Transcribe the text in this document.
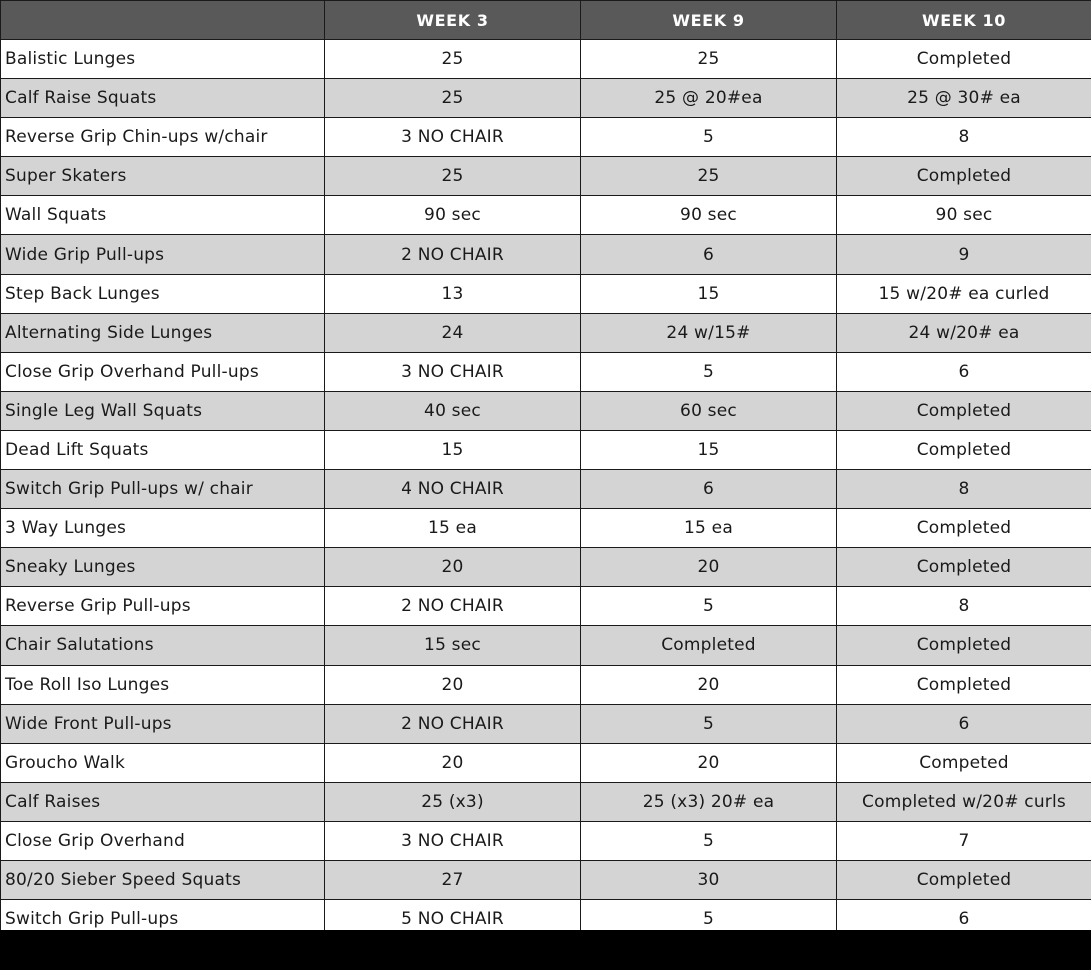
	WEEK 3	WEEK 9	WEEK 10
Balistic Lunges	25	25	Completed
Calf Raise Squats	25	25 @ 20#ea	25 @ 30# ea
Reverse Grip Chin-ups w/chair	3 NO CHAIR	5	8
Super Skaters	25	25	Completed
Wall Squats	90 sec	90 sec	90 sec
Wide Grip Pull-ups	2 NO CHAIR	6	9
Step Back Lunges	13	15	15 w/20# ea curled
Alternating Side Lunges	24	24 w/15#	24 w/20# ea
Close Grip Overhand Pull-ups	3 NO CHAIR	5	6
Single Leg Wall Squats	40 sec	60 sec	Completed
Dead Lift Squats	15	15	Completed
Switch Grip Pull-ups w/ chair	4 NO CHAIR	6	8
3 Way Lunges	15 ea	15 ea	Completed
Sneaky Lunges	20	20	Completed
Reverse Grip Pull-ups	2 NO CHAIR	5	8
Chair Salutations	15 sec	Completed	Completed
Toe Roll Iso Lunges	20	20	Completed
Wide Front Pull-ups	2 NO CHAIR	5	6
Groucho Walk	20	20	Competed
Calf Raises	25 (x3)	25 (x3) 20# ea	Completed w/20# curls
Close Grip Overhand	3 NO CHAIR	5	7
80/20 Sieber Speed Squats	27	30	Completed
Switch Grip Pull-ups	5 NO CHAIR	5	6
